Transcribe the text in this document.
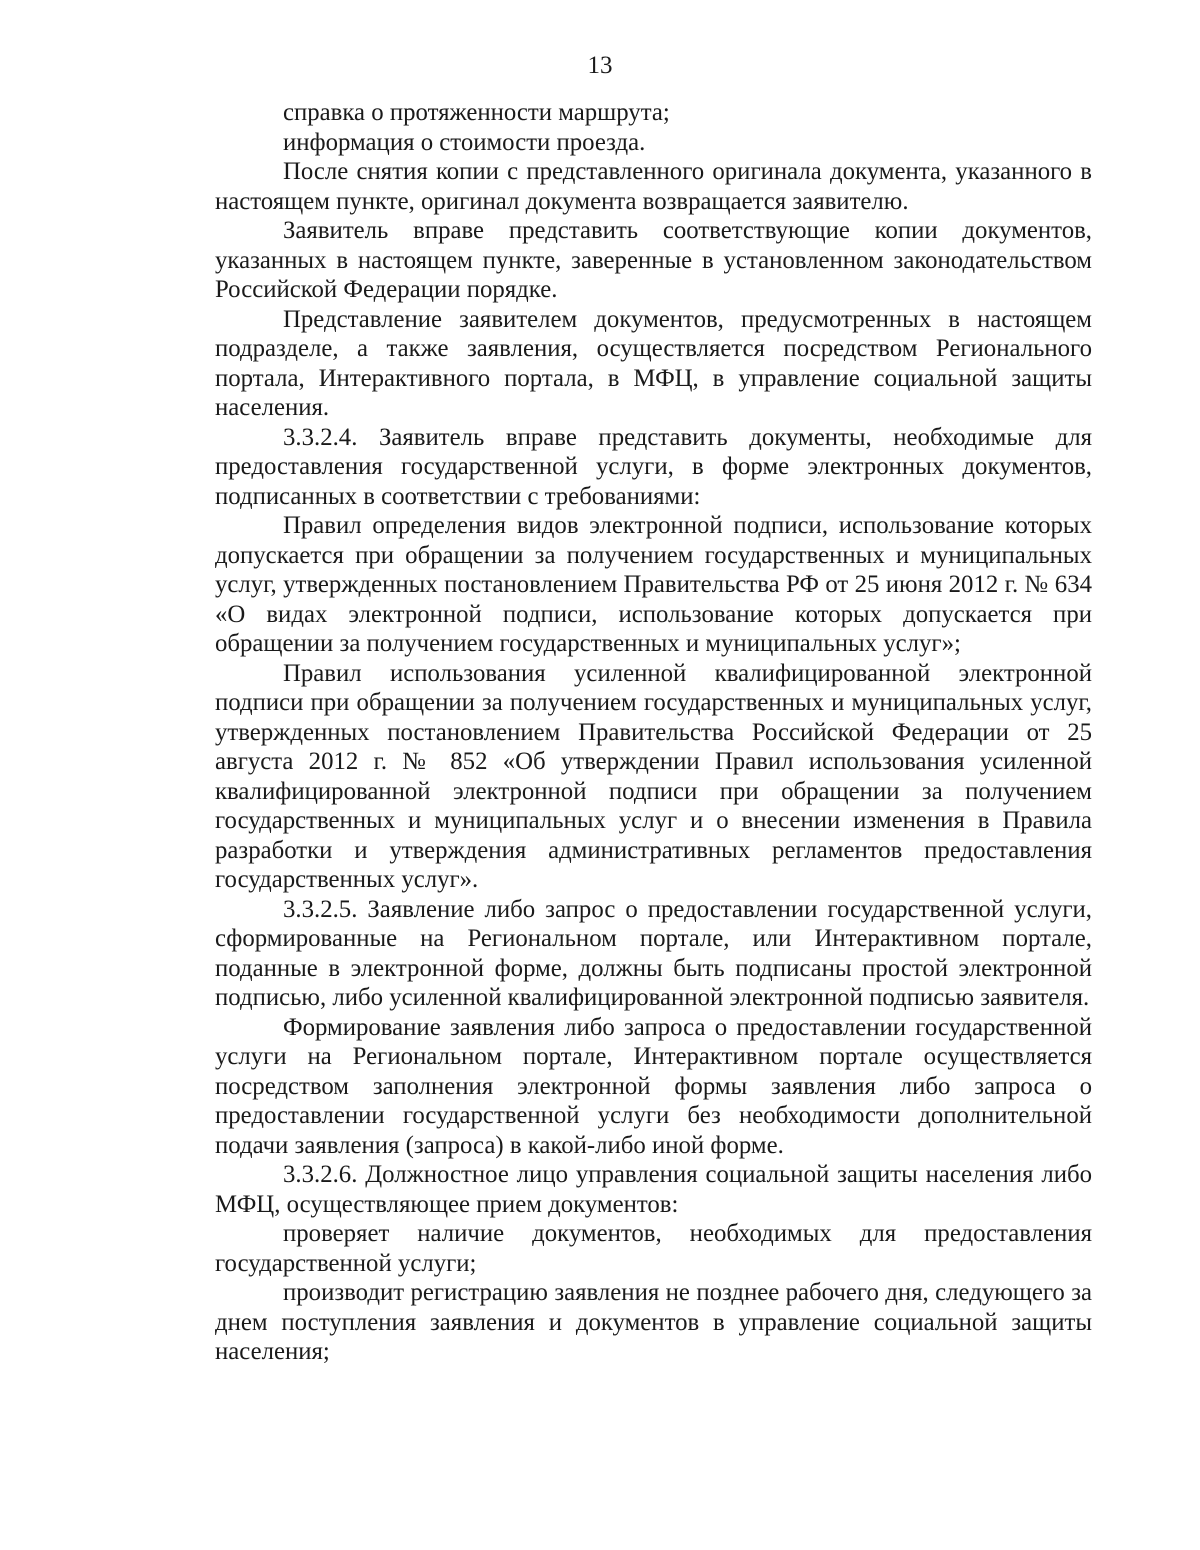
13

справка о протяженности маршрута;

информация о стоимости проезда.

После снятия копии с представленного оригинала документа, указанного в настоящем пункте, оригинал документа возвращается заявителю.

Заявитель вправе представить соответствующие копии документов, указанных в настоящем пункте, заверенные в установленном законодательством Российской Федерации порядке.

Представление заявителем документов, предусмотренных в настоящем подразделе, а также заявления, осуществляется посредством Регионального портала, Интерактивного портала, в МФЦ, в управление социальной защиты населения.

3.3.2.4. Заявитель вправе представить документы, необходимые для предоставления государственной услуги, в форме электронных документов, подписанных в соответствии с требованиями:

Правил определения видов электронной подписи, использование которых допускается при обращении за получением государственных и муниципальных услуг, утвержденных постановлением Правительства РФ от 25 июня 2012 г. № 634 «О видах электронной подписи, использование которых допускается при обращении за получением государственных и муниципальных услуг»;

Правил использования усиленной квалифицированной электронной подписи при обращении за получением государственных и муниципальных услуг, утвержденных постановлением Правительства Российской Федерации от 25 августа 2012 г. № 852 «Об утверждении Правил использования усиленной квалифицированной электронной подписи при обращении за получением государственных и муниципальных услуг и о внесении изменения в Правила разработки и утверждения административных регламентов предоставления государственных услуг».

3.3.2.5. Заявление либо запрос о предоставлении государственной услуги, сформированные на Региональном портале, или Интерактивном портале, поданные в электронной форме, должны быть подписаны простой электронной подписью, либо усиленной квалифицированной электронной подписью заявителя.

Формирование заявления либо запроса о предоставлении государственной услуги на Региональном портале, Интерактивном портале осуществляется посредством заполнения электронной формы заявления либо запроса о предоставлении государственной услуги без необходимости дополнительной подачи заявления (запроса) в какой-либо иной форме.

3.3.2.6. Должностное лицо управления социальной защиты населения либо МФЦ, осуществляющее прием документов:

проверяет наличие документов, необходимых для предоставления государственной услуги;

производит регистрацию заявления не позднее рабочего дня, следующего за днем поступления заявления и документов в управление социальной защиты населения;
